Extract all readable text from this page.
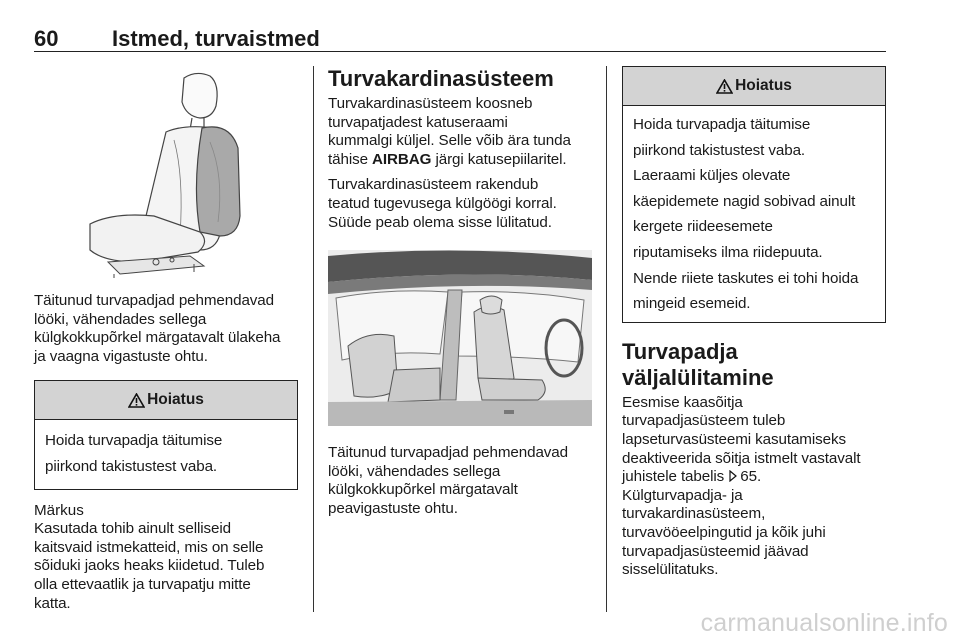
60 Istmed, turvaistmed

Täitunud turvapadjad pehmendavad

lööki, vähendades sellega

külgkokkupõrkel märgatavalt ülakeha

ja vaagna vigastuste ohtu.

Hoiatus

Hoida turvapadja täitumise

piirkond takistustest vaba.

Märkus

Kasutada tohib ainult selliseid

kaitsvaid istmekatteid, mis on selle

sõiduki jaoks heaks kiidetud. Tuleb

olla ettevaatlik ja turvapatju mitte

katta.

Turvakardinasüsteem

Turvakardinasüsteem koosneb

turvapatjadest katuseraami

kummalgi küljel. Selle võib ära tunda

tähise AIRBAG järgi katusepiilaritel.

Turvakardinasüsteem rakendub

teatud tugevusega külgöögi korral.

Süüde peab olema sisse lülitatud.

Täitunud turvapadjad pehmendavad

lööki, vähendades sellega

külgkokkupõrkel märgatavalt

peavigastuste ohtu.

Hoiatus

Hoida turvapadja täitumise

piirkond takistustest vaba.

Laeraami küljes olevate

käepidemete nagid sobivad ainult

kergete riideesemete

riputamiseks ilma riidepuuta.

Nende riiete taskutes ei tohi hoida

mingeid esemeid.

Turvapadja väljalülitamine

Eesmise kaasõitja

turvapadjasüsteem tuleb

lapseturvasüsteemi kasutamiseks

deaktiveerida sõitja istmelt vastavalt

juhistele tabelis 65.

Külgturvapadja- ja

turvakardinasüsteem,

turvavööeelpingutid ja kõik juhi

turvapadjasüsteemid jäävad

sisselülitatuks.

carmanualsonline.info
